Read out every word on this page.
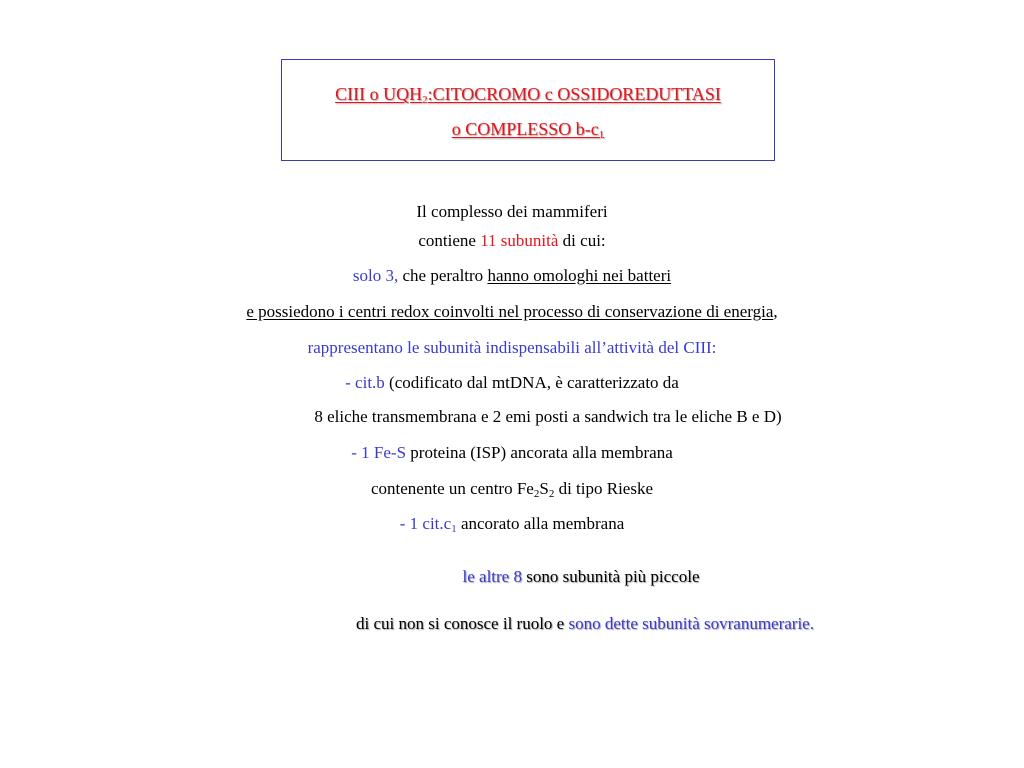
CIII o $UQH_2:CITOCROMO$ c OSSIDOREDUTTASI
o COMPLESSO $b-c_1$
Il complesso dei mammiferi
contiene 11 subunità di cui:
solo 3, che peraltro hanno omologhi nei batteri
e possiedono i centri redox coinvolti nel processo di conservazione di energia,
rappresentano le subunità indispensabili all’attività del CIII:
- cit.b (codificato dal mtDNA, è caratterizzato da
8 eliche transmembrana e 2 emi posti a sandwich tra le eliche B e D)
- 1 Fe-S proteina (ISP) ancorata alla membrana
contenente un centro $Fe_2S_2$ di tipo Rieske
- 1 $cit.c_1$ ancorato alla membrana
le altre 8 sono subunità più piccole
di cui non si conosce il ruolo e sono dette subunità sovranumerarie.
